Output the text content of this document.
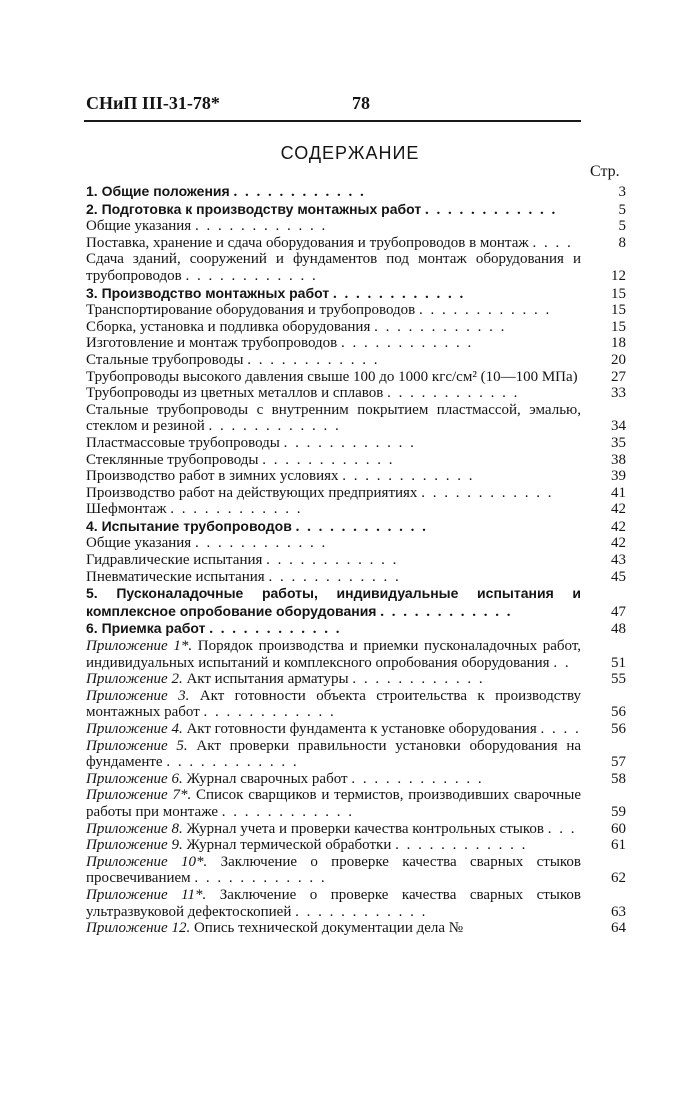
СНиП III-31-78*	78
СОДЕРЖАНИЕ
Стр.
1. Общие положения . . . . . . . . . . . .	3
2. Подготовка к производству монтажных работ . . . . . . . . . . . .	5
Общие указания . . . . . . . . . . . .	5
Поставка, хранение и сдача оборудования и трубопроводов в монтаж . . . .	8
Сдача зданий, сооружений и фундаментов под монтаж оборудования и трубопроводов . . . . . . . . . . . .	12
3. Производство монтажных работ . . . . . . . . . . . .	15
Транспортирование оборудования и трубопроводов . . . . . . . . . . . .	15
Сборка, установка и подливка оборудования . . . . . . . . . . . .	15
Изготовление и монтаж трубопроводов . . . . . . . . . . . .	18
Стальные трубопроводы . . . . . . . . . . . .	20
Трубопроводы высокого давления свыше 100 до 1000 кгс/см² (10—100 МПа)	27
Трубопроводы из цветных металлов и сплавов . . . . . . . . . . . .	33
Стальные трубопроводы с внутренним покрытием пластмассой, эмалью, стеклом и резиной . . . . . . . . . . . .	34
Пластмассовые трубопроводы . . . . . . . . . . . .	35
Стеклянные трубопроводы . . . . . . . . . . . .	38
Производство работ в зимних условиях . . . . . . . . . . . .	39
Производство работ на действующих предприятиях . . . . . . . . . . . .	41
Шефмонтаж . . . . . . . . . . . .	42
4. Испытание трубопроводов . . . . . . . . . . . .	42
Общие указания . . . . . . . . . . . .	42
Гидравлические испытания . . . . . . . . . . . .	43
Пневматические испытания . . . . . . . . . . . .	45
5. Пусконаладочные работы, индивидуальные испытания и комплексное опробование оборудования . . . . . . . . . . . .	47
6. Приемка работ . . . . . . . . . . . .	48
Приложение 1*. Порядок производства и приемки пусконаладочных работ, индивидуальных испытаний и комплексного опробования оборудования . .	51
Приложение 2. Акт испытания арматуры . . . . . . . . . . . .	55
Приложение 3. Акт готовности объекта строительства к производству монтажных работ . . . . . . . . . . . .	56
Приложение 4. Акт готовности фундамента к установке оборудования . . . .	56
Приложение 5. Акт проверки правильности установки оборудования на фундаменте . . . . . . . . . . . .	57
Приложение 6. Журнал сварочных работ . . . . . . . . . . . .	58
Приложение 7*. Список сварщиков и термистов, производивших сварочные работы при монтаже . . . . . . . . . . . .	59
Приложение 8. Журнал учета и проверки качества контрольных стыков . . .	60
Приложение 9. Журнал термической обработки . . . . . . . . . . . .	61
Приложение 10*. Заключение о проверке качества сварных стыков просвечиванием . . . . . . . . . . . .	62
Приложение 11*. Заключение о проверке качества сварных стыков ультразвуковой дефектоскопией . . . . . . . . . . . .	63
Приложение 12. Опись технической документации дела №	64
